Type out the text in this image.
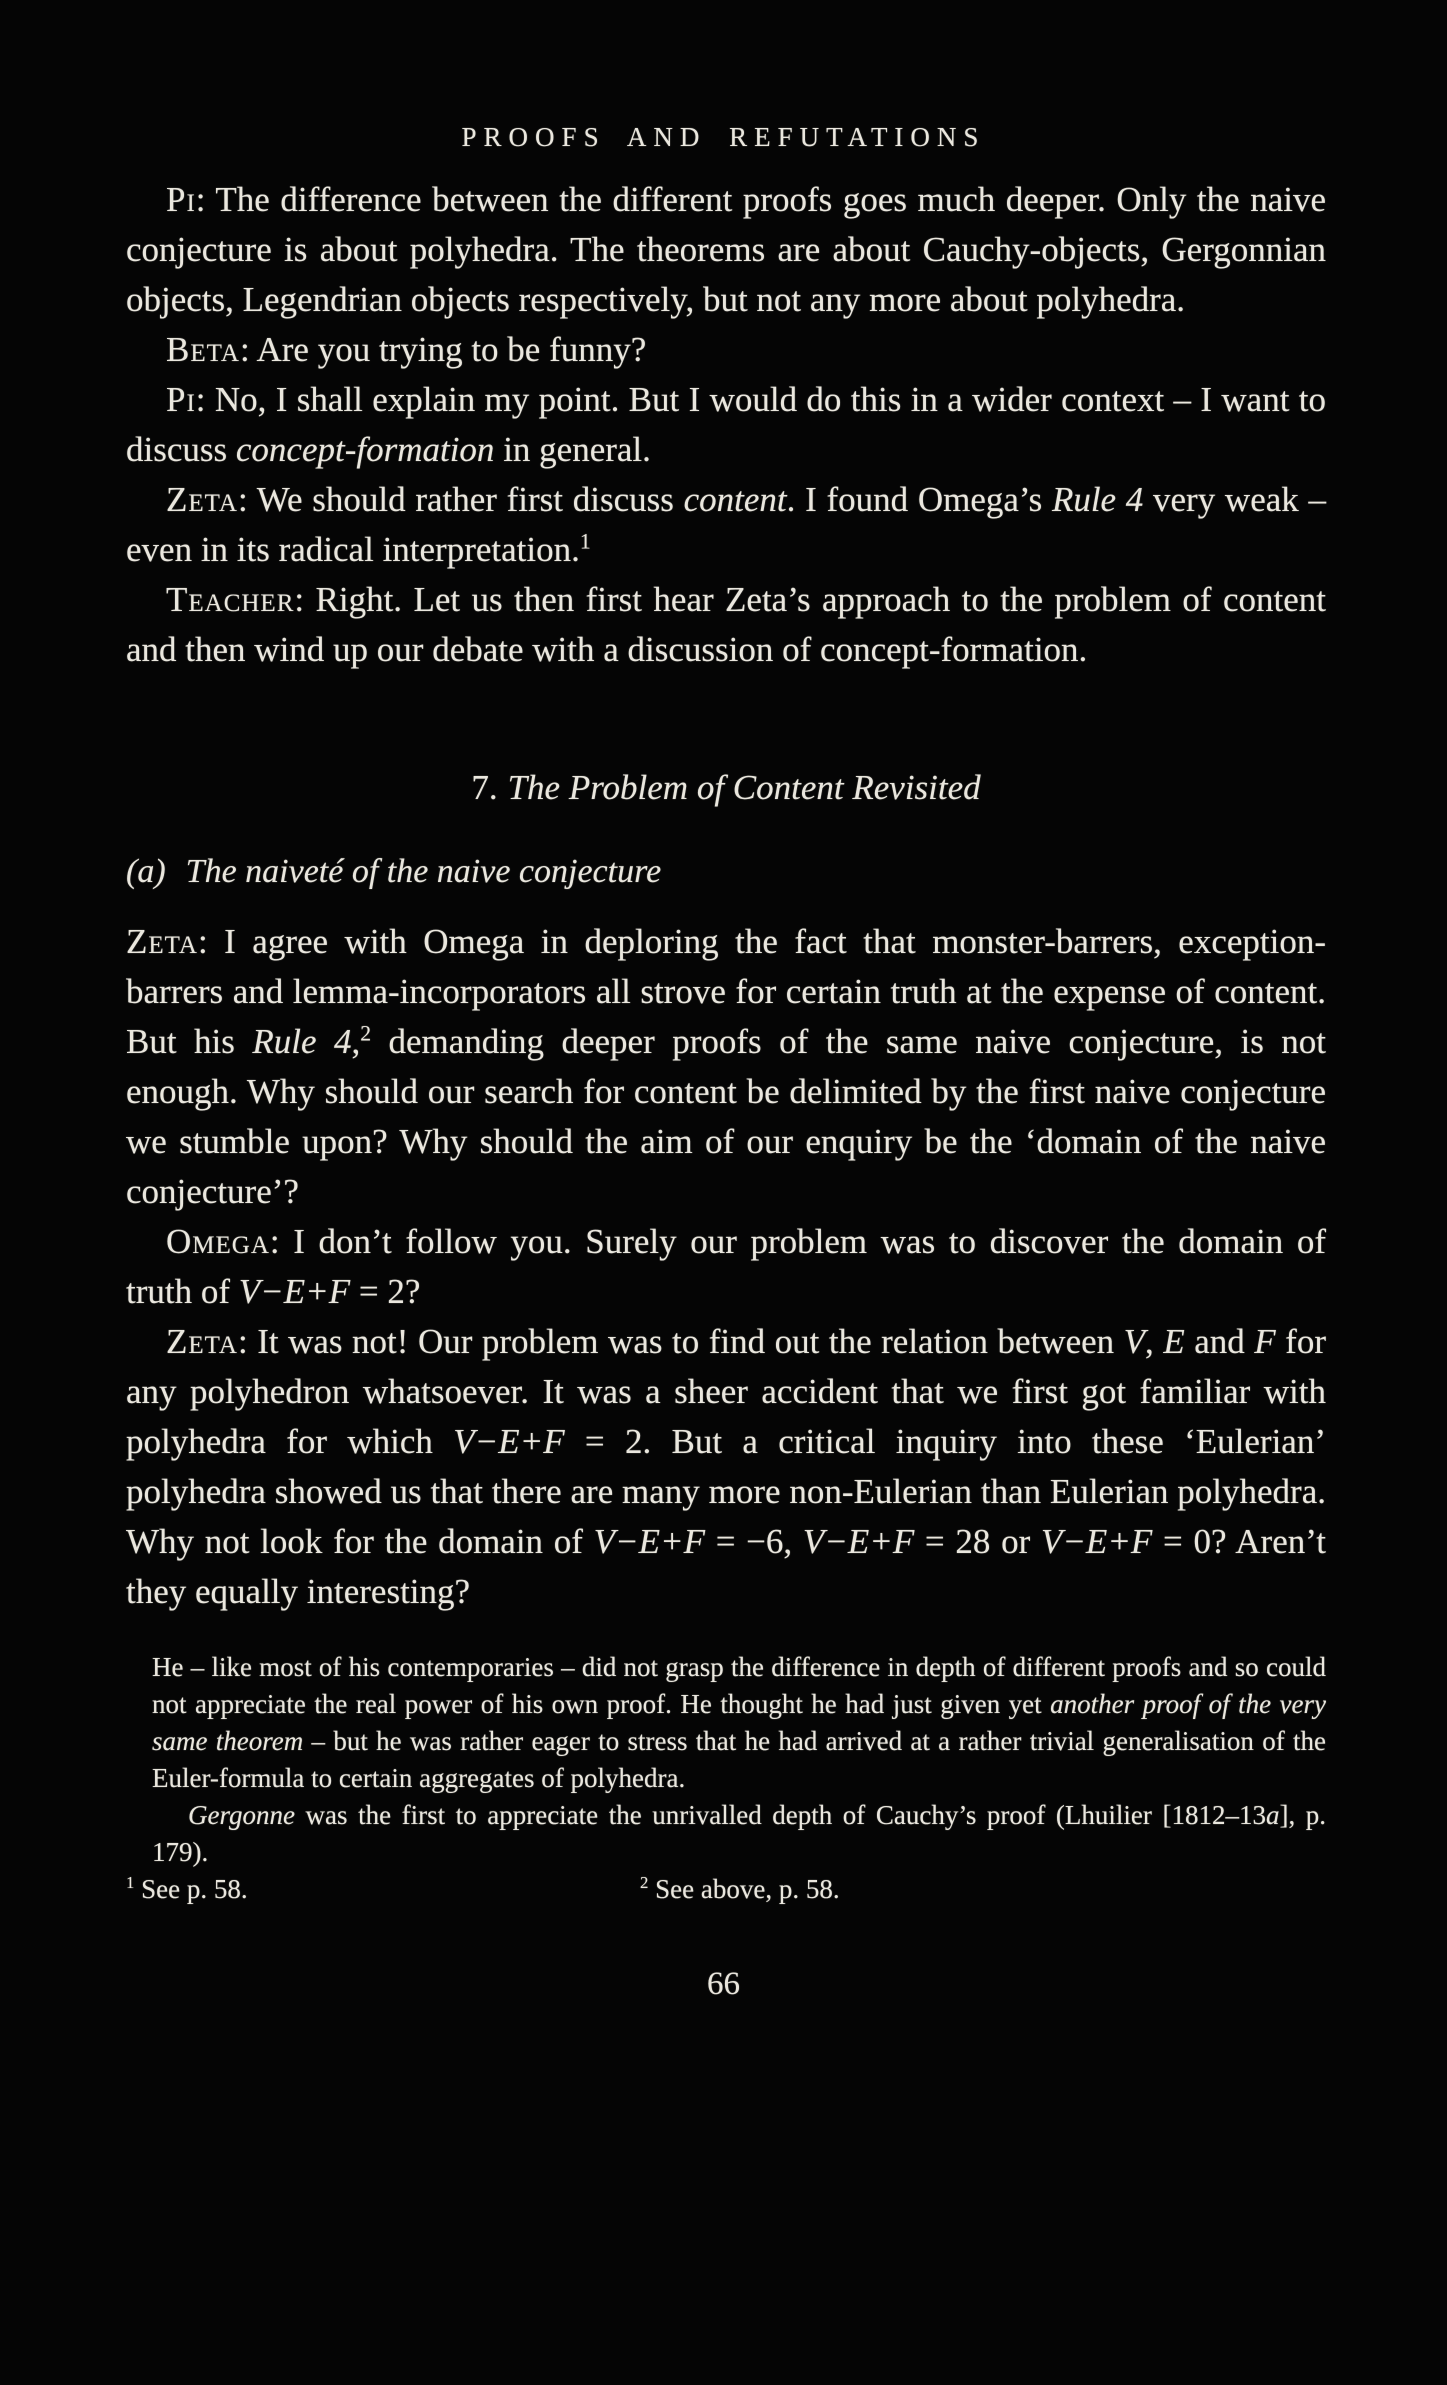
PROOFS AND REFUTATIONS

Pi: The difference between the different proofs goes much deeper. Only the naive conjecture is about polyhedra. The theorems are about Cauchy-objects, Gergonnian objects, Legendrian objects respectively, but not any more about polyhedra.

Beta: Are you trying to be funny?

Pi: No, I shall explain my point. But I would do this in a wider context – I want to discuss concept-formation in general.

Zeta: We should rather first discuss content. I found Omega’s Rule 4 very weak – even in its radical interpretation.$^1$

Teacher: Right. Let us then first hear Zeta’s approach to the problem of content and then wind up our debate with a discussion of concept-formation.

7. The Problem of Content Revisited
(a) The naiveté of the naive conjecture

Zeta: I agree with Omega in deploring the fact that monster-barrers, exception-barrers and lemma-incorporators all strove for certain truth at the expense of content. But his Rule 4,$^2$ demanding deeper proofs of the same naive conjecture, is not enough. Why should our search for content be delimited by the first naive conjecture we stumble upon? Why should the aim of our enquiry be the ‘domain of the naive conjecture’?

Omega: I don’t follow you. Surely our problem was to discover the domain of truth of V−E+F = 2?

Zeta: It was not! Our problem was to find out the relation between V, E and F for any polyhedron whatsoever. It was a sheer accident that we first got familiar with polyhedra for which V−E+F = 2. But a critical inquiry into these ‘Eulerian’ polyhedra showed us that there are many more non-Eulerian than Eulerian polyhedra. Why not look for the domain of V−E+F = −6, V−E+F = 28 or V−E+F = 0? Aren’t they equally interesting?

He – like most of his contemporaries – did not grasp the difference in depth of different proofs and so could not appreciate the real power of his own proof. He thought he had just given yet another proof of the very same theorem – but he was rather eager to stress that he had arrived at a rather trivial generalisation of the Euler-formula to certain aggregates of polyhedra.

Gergonne was the first to appreciate the unrivalled depth of Cauchy’s proof (Lhuilier [1812–13a], p. 179).

$^1$ See p. 58.	$^2$ See above, p. 58.

66
